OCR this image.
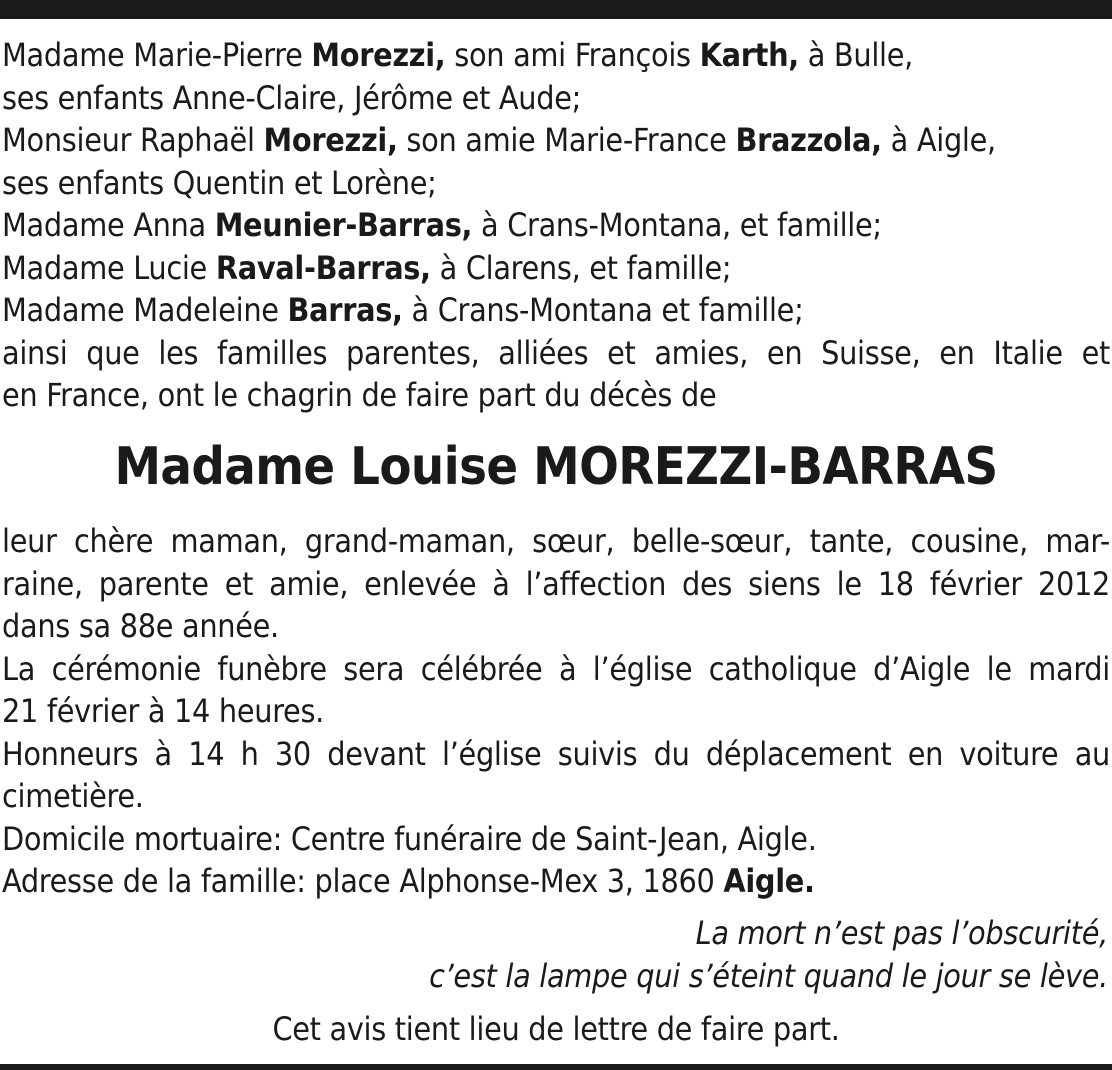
Madame Marie-Pierre Morezzi, son ami François Karth, à Bulle,
ses enfants Anne-Claire, Jérôme et Aude;
Monsieur Raphaël Morezzi, son amie Marie-France Brazzola, à Aigle,
ses enfants Quentin et Lorène;
Madame Anna Meunier-Barras, à Crans-Montana, et famille;
Madame Lucie Raval-Barras, à Clarens, et famille;
Madame Madeleine Barras, à Crans-Montana et famille;
ainsi que les familles parentes, alliées et amies, en Suisse, en Italie et
en France, ont le chagrin de faire part du décès de
Madame Louise MOREZZI-BARRAS
leur chère maman, grand-maman, sœur, belle-sœur, tante, cousine, mar-
raine, parente et amie, enlevée à l’affection des siens le 18 février 2012
dans sa 88e année.
La cérémonie funèbre sera célébrée à l’église catholique d’Aigle le mardi
21 février à 14 heures.
Honneurs à 14 h 30 devant l’église suivis du déplacement en voiture au
cimetière.
Domicile mortuaire: Centre funéraire de Saint-Jean, Aigle.
Adresse de la famille: place Alphonse-Mex 3, 1860 Aigle.
La mort n’est pas l’obscurité,
c’est la lampe qui s’éteint quand le jour se lève.
Cet avis tient lieu de lettre de faire part.
